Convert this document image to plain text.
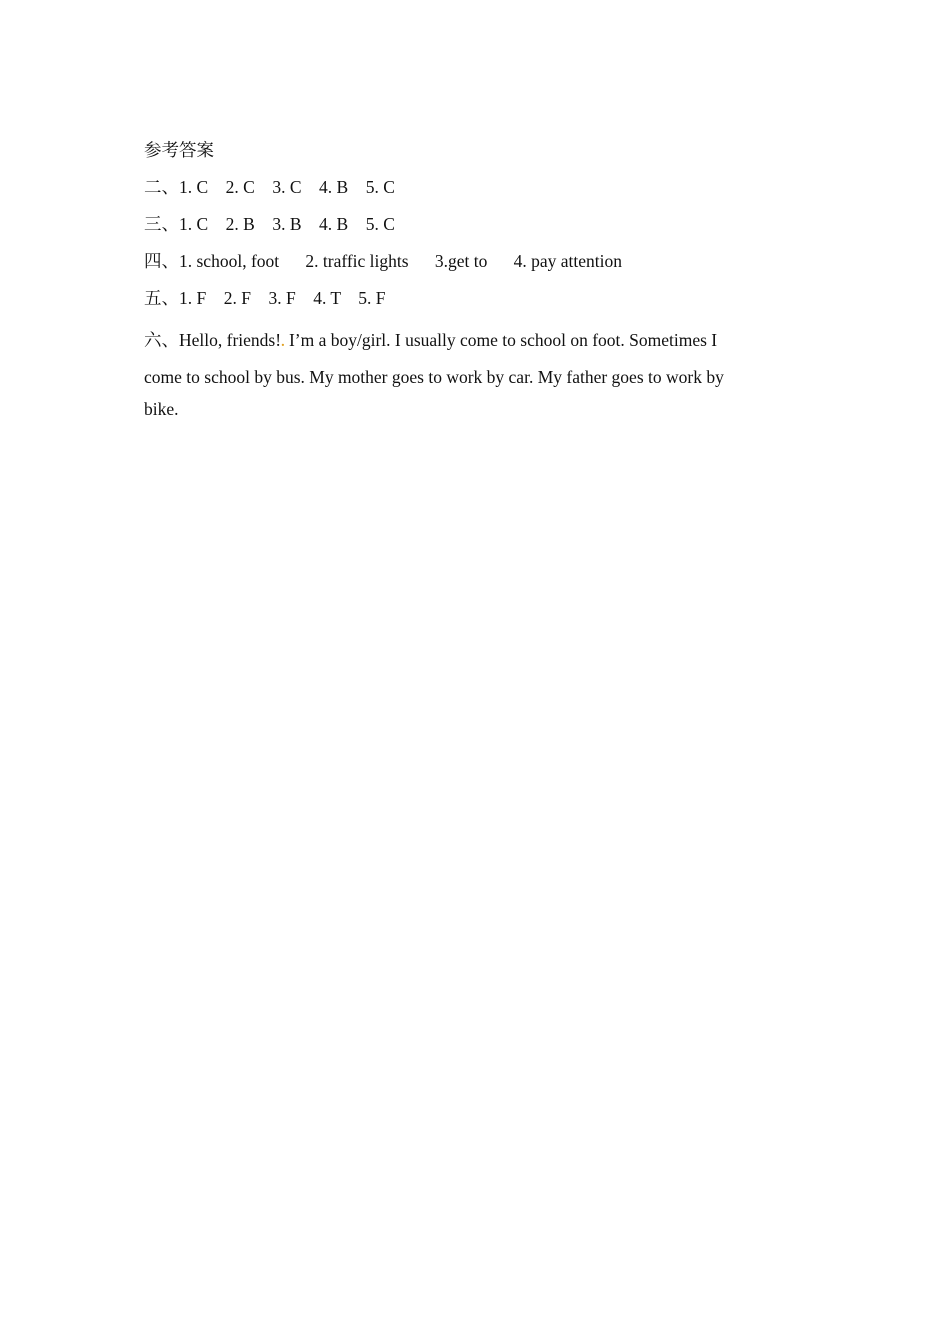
参考答案
二、1. C    2. C    3. C    4. B    5. C
三、1. C    2. B    3. B    4. B    5. C
四、1. school, foot      2. traffic lights      3.get to      4. pay attention
五、1. F    2. F    3. F    4. T    5. F
六、Hello, friends!. I’m a boy/girl. I usually come to school on foot. Sometimes I
come to school by bus. My mother goes to work by car. My father goes to work by
bike.
